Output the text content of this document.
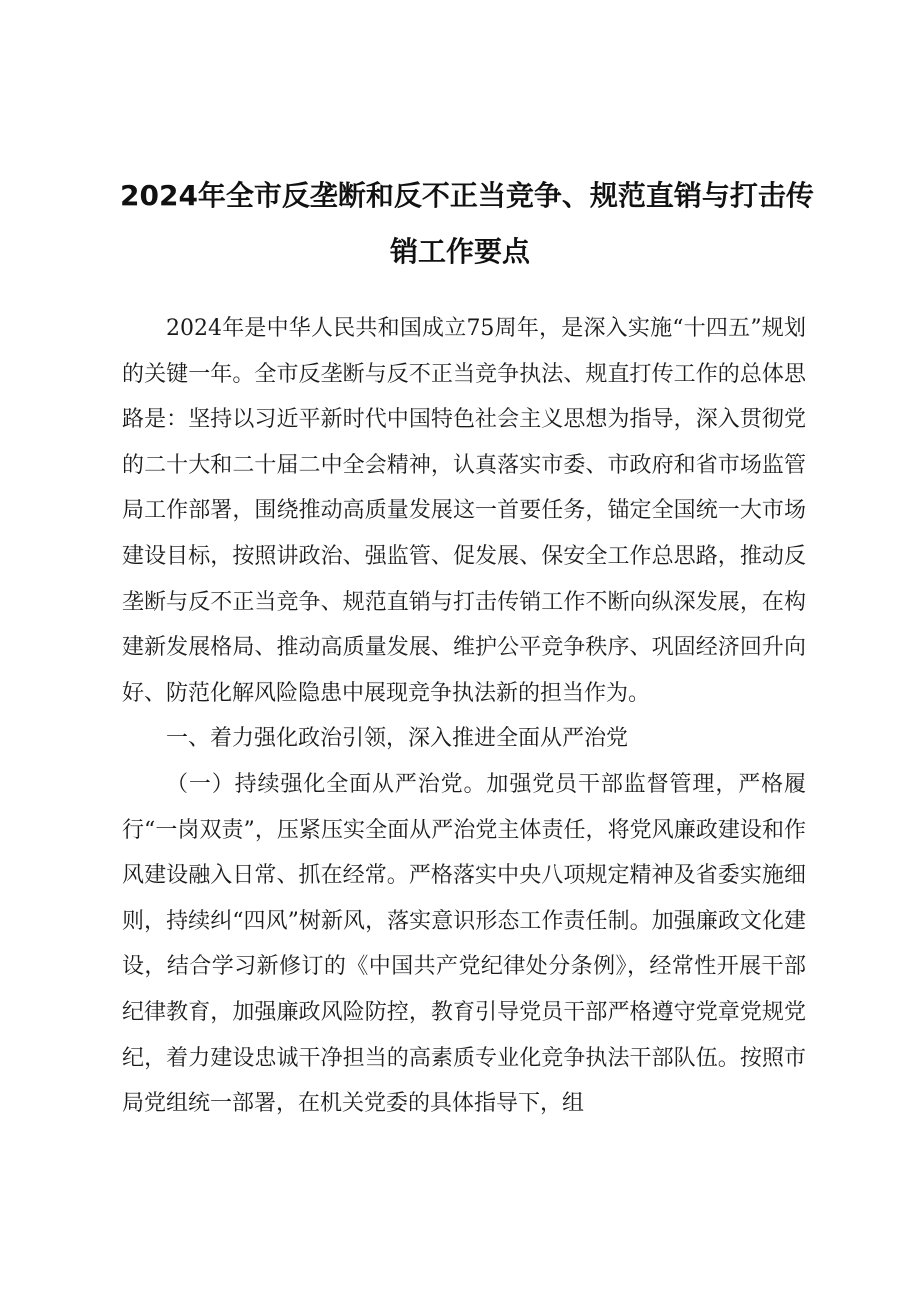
2024年全市反垄断和反不正当竞争、规范直销与打击传
销工作要点

2024年是中华人民共和国成立75周年，是深入实施“十四五”规划的关键一年。全市反垄断与反不正当竞争执法、规直打传工作的总体思路是：坚持以习近平新时代中国特色社会主义思想为指导，深入贯彻党的二十大和二十届二中全会精神，认真落实市委、市政府和省市场监管局工作部署，围绕推动高质量发展这一首要任务，锚定全国统一大市场建设目标，按照讲政治、强监管、促发展、保安全工作总思路，推动反垄断与反不正当竞争、规范直销与打击传销工作不断向纵深发展，在构建新发展格局、推动高质量发展、维护公平竞争秩序、巩固经济回升向好、防范化解风险隐患中展现竞争执法新的担当作为。

一、着力强化政治引领，深入推进全面从严治党

（一）持续强化全面从严治党。加强党员干部监督管理，严格履行“一岗双责”，压紧压实全面从严治党主体责任，将党风廉政建设和作风建设融入日常、抓在经常。严格落实中央八项规定精神及省委实施细则，持续纠“四风”树新风，落实意识形态工作责任制。加强廉政文化建设，结合学习新修订的《中国共产党纪律处分条例》，经常性开展干部纪律教育，加强廉政风险防控，教育引导党员干部严格遵守党章党规党纪，着力建设忠诚干净担当的高素质专业化竞争执法干部队伍。按照市局党组统一部署，在机关党委的具体指导下，组
